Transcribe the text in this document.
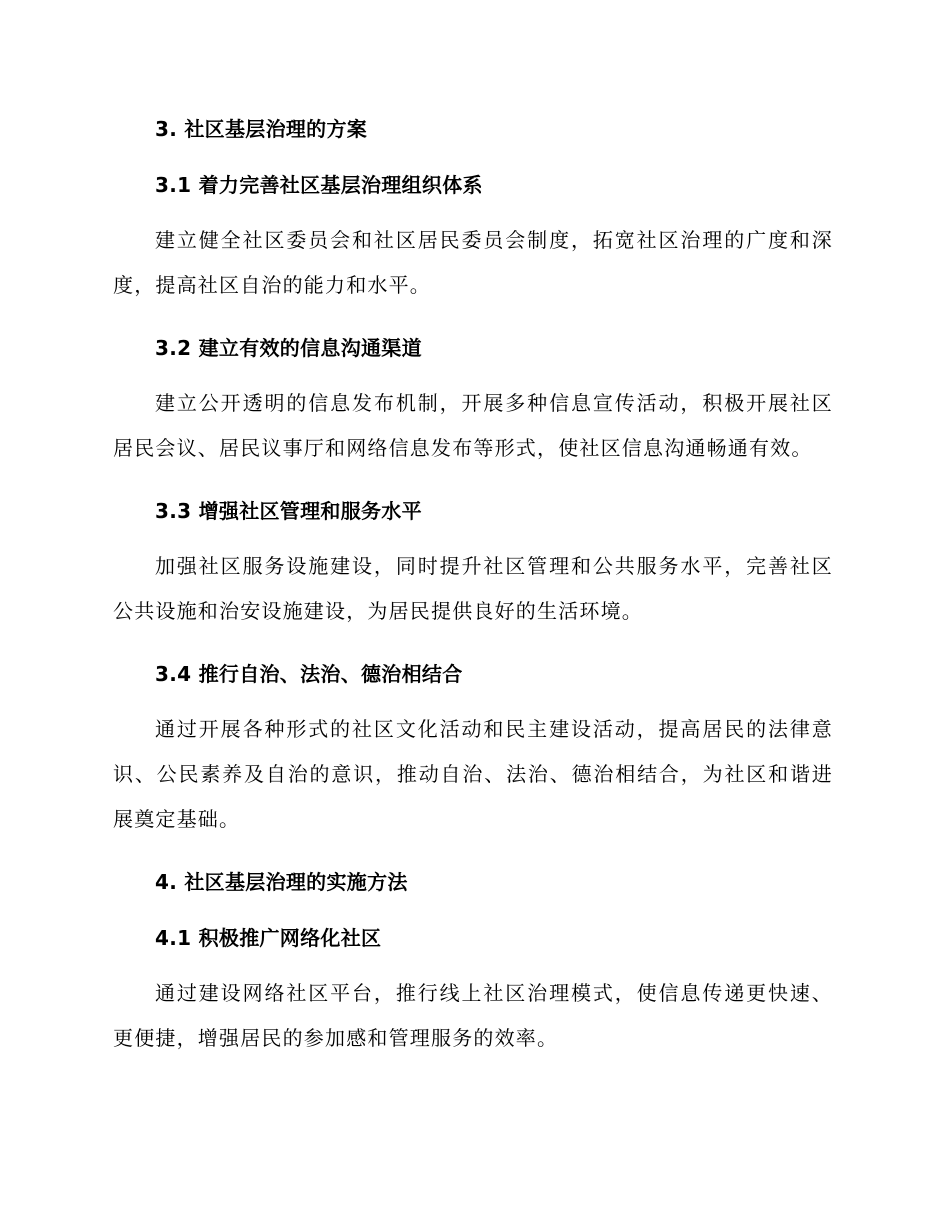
3. 社区基层治理的方案
3.1 着力完善社区基层治理组织体系

建立健全社区委员会和社区居民委员会制度，拓宽社区治理的广度和深度，提高社区自治的能力和水平。

3.2 建立有效的信息沟通渠道

建立公开透明的信息发布机制，开展多种信息宣传活动，积极开展社区居民会议、居民议事厅和网络信息发布等形式，使社区信息沟通畅通有效。

3.3 增强社区管理和服务水平

加强社区服务设施建设，同时提升社区管理和公共服务水平，完善社区公共设施和治安设施建设，为居民提供良好的生活环境。

3.4 推行自治、法治、德治相结合

通过开展各种形式的社区文化活动和民主建设活动，提高居民的法律意识、公民素养及自治的意识，推动自治、法治、德治相结合，为社区和谐进展奠定基础。

4. 社区基层治理的实施方法
4.1 积极推广网络化社区

通过建设网络社区平台，推行线上社区治理模式，使信息传递更快速、更便捷，增强居民的参加感和管理服务的效率。
